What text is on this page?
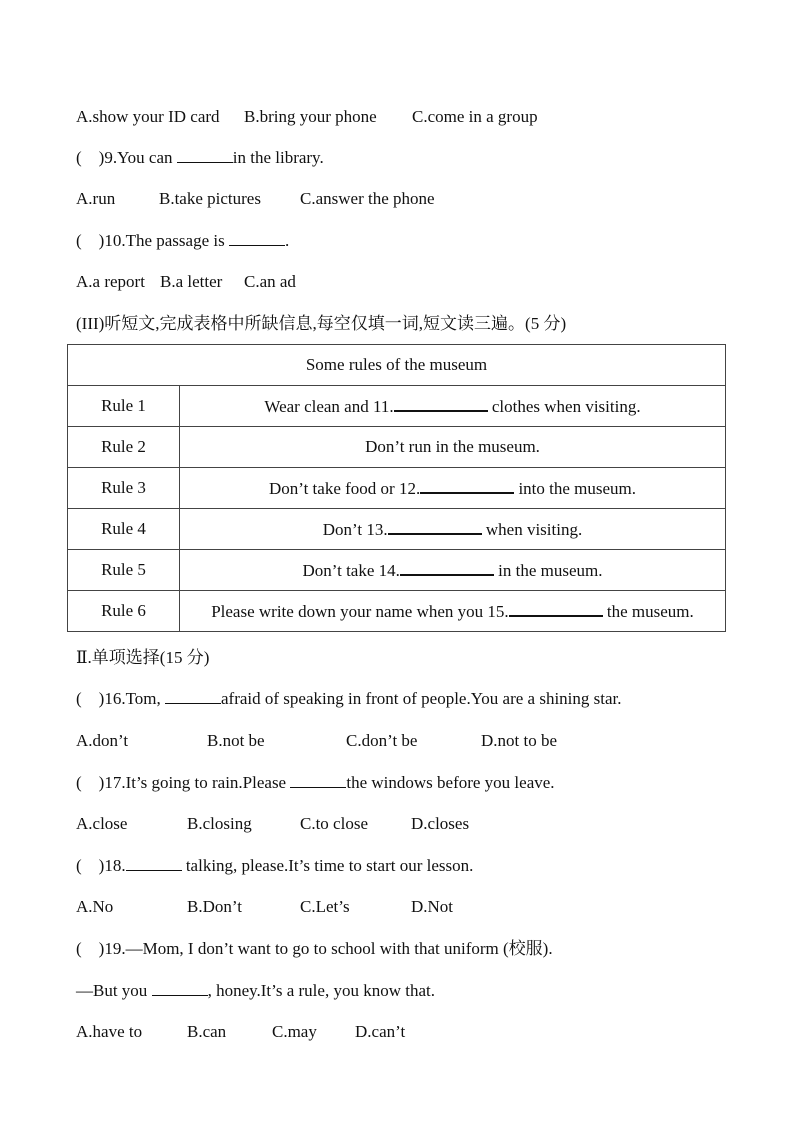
A.show your ID card B.bring your phone C.come in a group
(    )9.You can	in the library.
A.run	B.take pictures C.answer the phone
(    )10.The passage is	.
A.a report B.a letter C.an ad
(III)听短文,完成表格中所缺信息,每空仅填一词,短文读三遍。(5 分)
Some rules of the museum	
Rule 1	Wear clean and 11. clothes when visiting.
Rule 2	Don’t run in the museum.
Rule 3	Don’t take food or 12. into the museum.
Rule 4	Don’t 13. when visiting.
Rule 5	Don’t take 14. in the museum.
Rule 6	Please write down your name when you 15. the museum.
Ⅱ.单项选择(15 分)
(    )16.Tom,	afraid of speaking in front of people.You are a shining star.
A.don’t	B.not be	C.don’t be	D.not to be
(    )17.It’s going to rain.Please	the windows before you leave.
A.close	B.closing	C.to close	D.closes
(    )18.	talking, please.It’s time to start our lesson.
A.No	B.Don’t	C.Let’s	D.Not
(    )19.—Mom, I don’t want to go to school with that uniform (校服).
—But you	, honey.It’s a rule, you know that.
A.have to	B.can	C.may D.can’t
